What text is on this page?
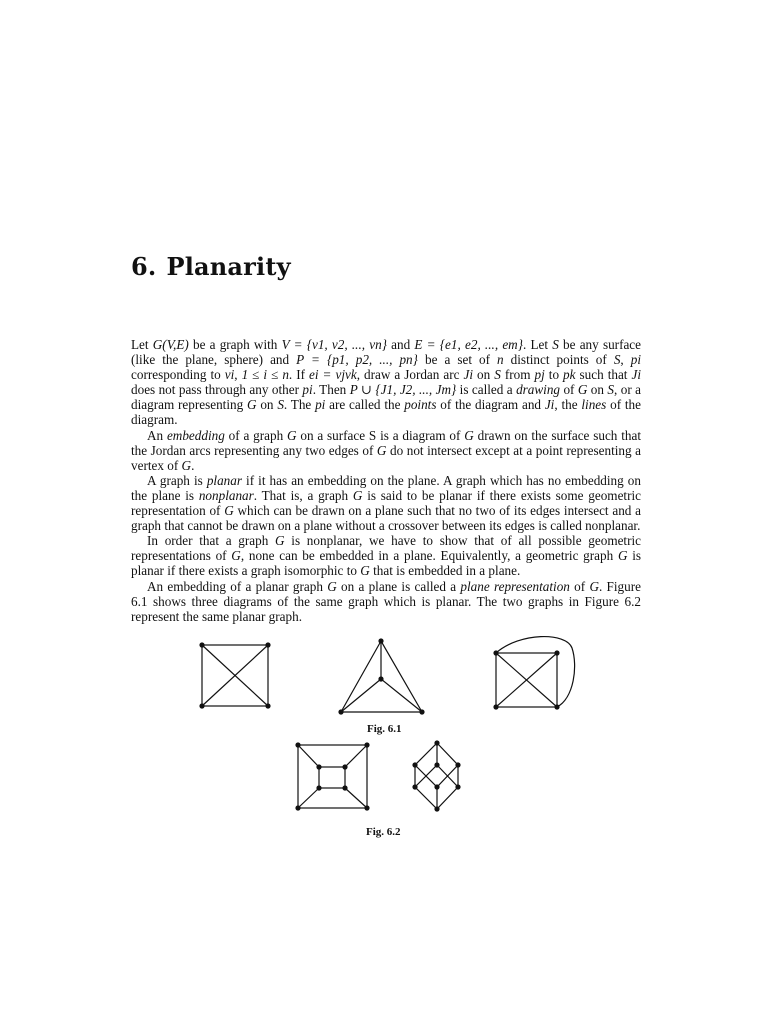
6. Planarity

Let G(V,E) be a graph with V = {v1, v2, ..., vn} and E = {e1, e2, ..., em}. Let S be any surface (like the plane, sphere) and P = {p1, p2, ..., pn} be a set of n distinct points of S, pi corresponding to vi, 1 ≤ i ≤ n. If ei = vjvk, draw a Jordan arc Ji on S from pj to pk such that Ji does not pass through any other pi. Then P ∪ {J1, J2, ..., Jm} is called a drawing of G on S, or a diagram representing G on S. The pi are called the points of the diagram and Ji, the lines of the diagram.

An embedding of a graph G on a surface S is a diagram of G drawn on the surface such that the Jordan arcs representing any two edges of G do not intersect except at a point representing a vertex of G.

A graph is planar if it has an embedding on the plane. A graph which has no embedding on the plane is nonplanar. That is, a graph G is said to be planar if there exists some geometric representation of G which can be drawn on a plane such that no two of its edges intersect and a graph that cannot be drawn on a plane without a crossover between its edges is called nonplanar.

In order that a graph G is nonplanar, we have to show that of all possible geometric representations of G, none can be embedded in a plane. Equivalently, a geometric graph G is planar if there exists a graph isomorphic to G that is embedded in a plane.

An embedding of a planar graph G on a plane is called a plane representation of G. Figure 6.1 shows three diagrams of the same graph which is planar. The two graphs in Figure 6.2 represent the same planar graph.

Fig. 6.1
Fig. 6.2
